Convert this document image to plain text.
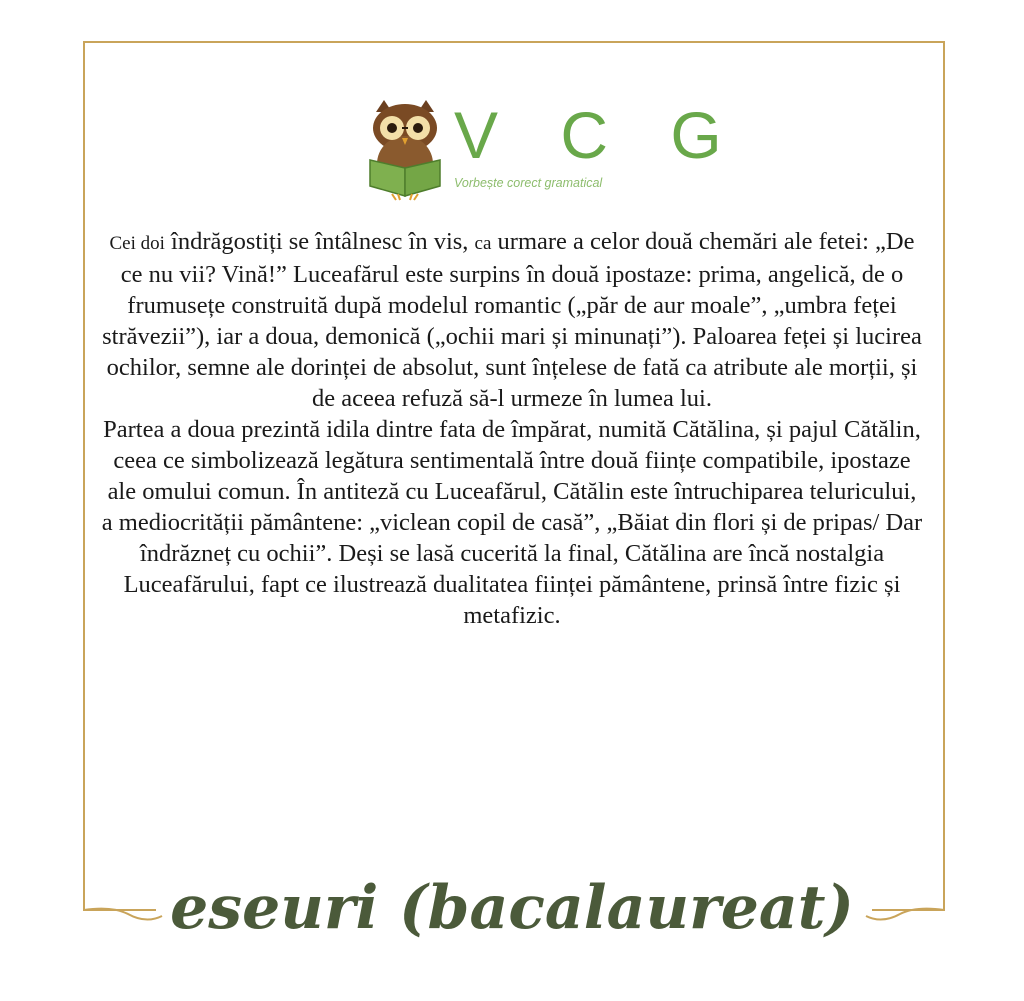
V C G
Vorbește corect gramatical

Cei doi îndrăgostiți se întâlnesc în vis, ca urmare a celor două chemări ale fetei: „De ce nu vii? Vină!” Luceafărul este surpins în două ipostaze: prima, angelică, de o frumusețe construită după modelul romantic („păr de aur moale”, „umbra feței străvezii”), iar a doua, demonică („ochii mari și minunați”). Paloarea feței și lucirea ochilor, semne ale dorinței de absolut, sunt înțelese de fată ca atribute ale morții, și de aceea refuză să-l urmeze în lumea lui.

Partea a doua prezintă idila dintre fata de împărat, numită Cătălina, și pajul Cătălin, ceea ce simbolizează legătura sentimentală între două ființe compatibile, ipostaze ale omului comun. În antiteză cu Luceafărul, Cătălin este întruchiparea teluricului, a mediocrității pământene: „viclean copil de casă”, „Băiat din flori și de pripas/ Dar îndrăzneț cu ochii”. Deși se lasă cucerită la final, Cătălina are încă nostalgia Luceafărului, fapt ce ilustrează dualitatea ființei pământene, prinsă între fizic și metafizic.

eseuri (bacalaureat)
